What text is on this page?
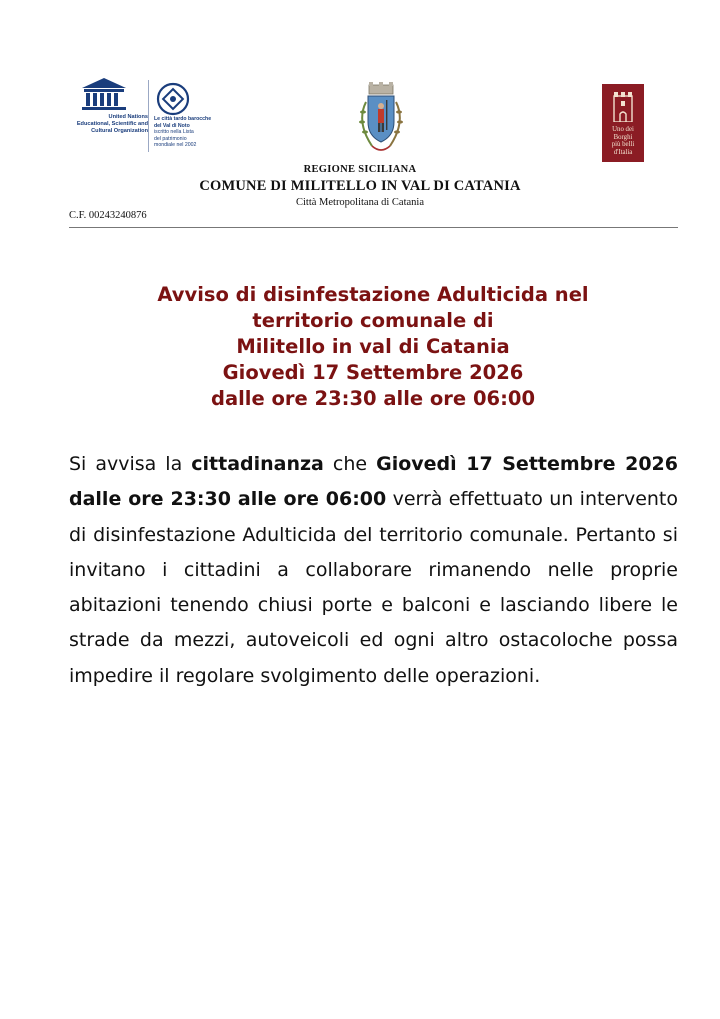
United Nations
Educational, Scientific and
Cultural Organization
Le città tardo barocche
del Val di Noto
iscritto nella Lista
del patrimonio
mondiale nel 2002
Uno dei
Borghi
più belli
d'Italia
REGIONE SICILIANA
COMUNE DI MILITELLO IN VAL DI CATANIA
Città Metropolitana di Catania
C.F. 00243240876
Avviso di disinfestazione Adulticida nel
territorio comunale di
Militello in val di Catania
Giovedì 17 Settembre 2026
dalle ore 23:30 alle ore 06:00
Si avvisa la cittadinanza che Giovedì 17 Settembre 2026 dalle ore 23:30 alle ore 06:00 verrà effettuato un intervento di disinfestazione Adulticida del territorio comunale. Pertanto si invitano i cittadini a collaborare rimanendo nelle proprie abitazioni tenendo chiusi porte e balconi e lasciando libere le strade da mezzi, autoveicoli ed ogni altro ostacoloche possa impedire il regolare svolgimento delle operazioni.
